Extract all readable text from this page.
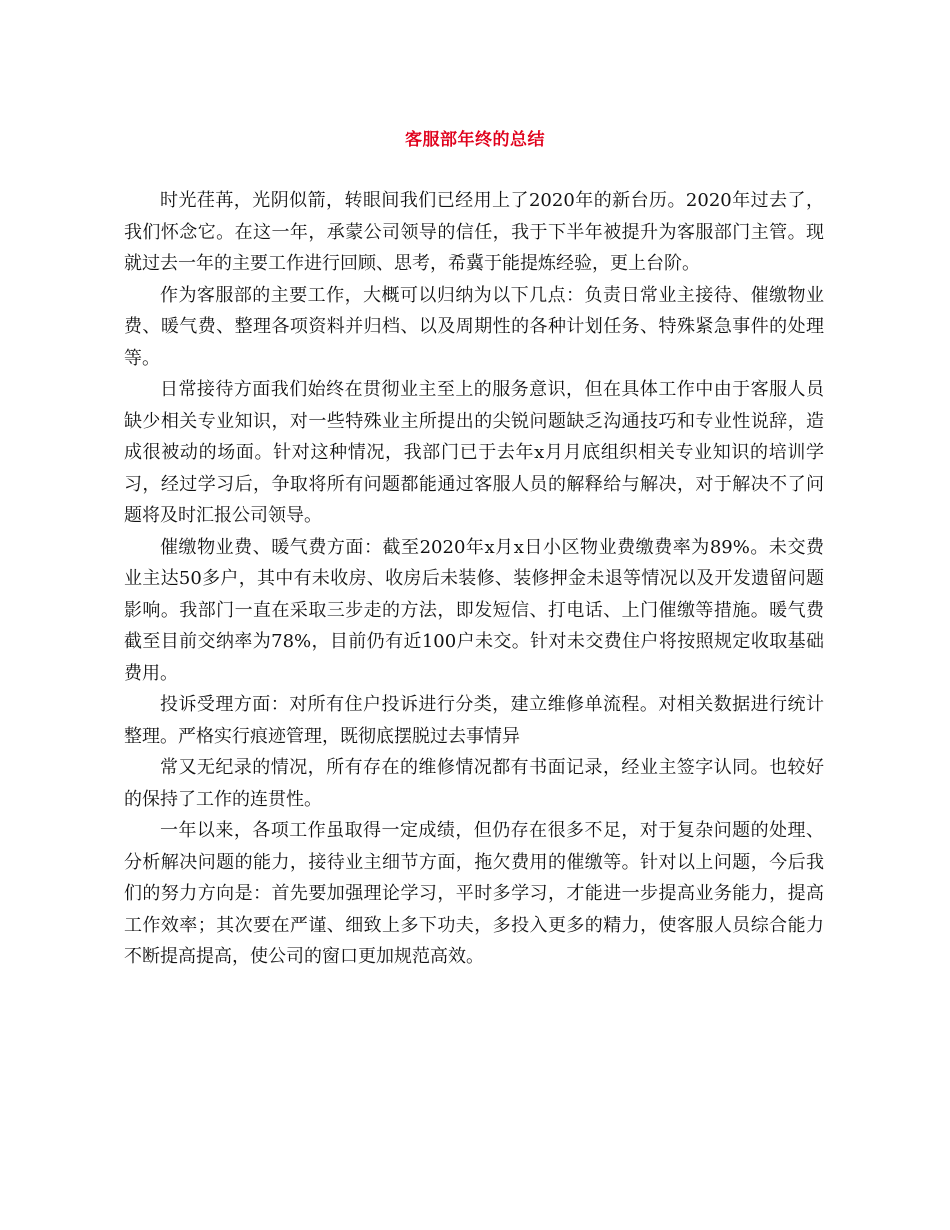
客服部年终的总结

时光荏苒，光阴似箭，转眼间我们已经用上了2020年的新台历。2020年过去了，我们怀念它。在这一年，承蒙公司领导的信任，我于下半年被提升为客服部门主管。现就过去一年的主要工作进行回顾、思考，希冀于能提炼经验，更上台阶。

作为客服部的主要工作，大概可以归纳为以下几点：负责日常业主接待、催缴物业费、暖气费、整理各项资料并归档、以及周期性的各种计划任务、特殊紧急事件的处理等。

日常接待方面我们始终在贯彻业主至上的服务意识，但在具体工作中由于客服人员缺少相关专业知识，对一些特殊业主所提出的尖锐问题缺乏沟通技巧和专业性说辞，造成很被动的场面。针对这种情况，我部门已于去年x月月底组织相关专业知识的培训学习，经过学习后，争取将所有问题都能通过客服人员的解释给与解决，对于解决不了问题将及时汇报公司领导。

催缴物业费、暖气费方面：截至2020年x月x日小区物业费缴费率为89%。未交费业主达50多户，其中有未收房、收房后未装修、装修押金未退等情况以及开发遗留问题影响。我部门一直在采取三步走的方法，即发短信、打电话、上门催缴等措施。暖气费截至目前交纳率为78%，目前仍有近100户未交。针对未交费住户将按照规定收取基础费用。

投诉受理方面：对所有住户投诉进行分类，建立维修单流程。对相关数据进行统计整理。严格实行痕迹管理，既彻底摆脱过去事情异

常又无纪录的情况，所有存在的维修情况都有书面记录，经业主签字认同。也较好的保持了工作的连贯性。

一年以来，各项工作虽取得一定成绩，但仍存在很多不足，对于复杂问题的处理、分析解决问题的能力，接待业主细节方面，拖欠费用的催缴等。针对以上问题，今后我们的努力方向是：首先要加强理论学习，平时多学习，才能进一步提高业务能力，提高工作效率；其次要在严谨、细致上多下功夫，多投入更多的精力，使客服人员综合能力不断提高提高，使公司的窗口更加规范高效。
